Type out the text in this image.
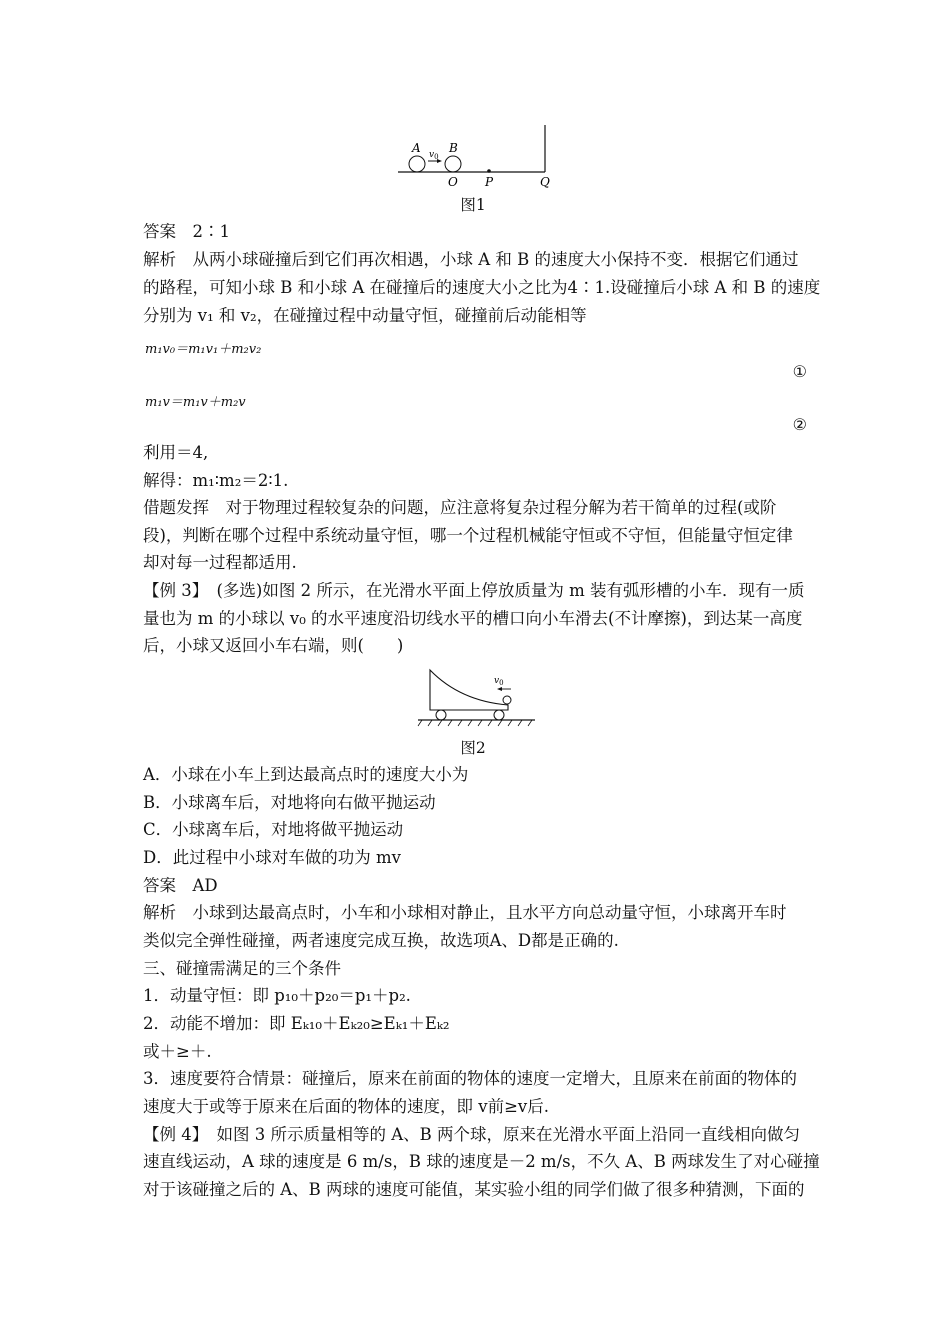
A $v_0$
B
O P	Q
图1
答案　2∶1
解析　从两小球碰撞后到它们再次相遇，小球 A 和 B 的速度大小保持不变．根据它们通过
的路程，可知小球 B 和小球 A 在碰撞后的速度大小之比为4∶1.设碰撞后小球 A 和 B 的速度
分别为 v₁ 和 v₂，在碰撞过程中动量守恒，碰撞前后动能相等
m₁v₀＝m₁v₁＋m₂v₂
①
m₁v＝m₁v＋m₂v
②
利用＝4,
解得：m₁∶m₂＝2∶1.
借题发挥　对于物理过程较复杂的问题，应注意将复杂过程分解为若干简单的过程(或阶
段)，判断在哪个过程中系统动量守恒，哪一个过程机械能守恒或不守恒，但能量守恒定律
却对每一过程都适用.
【例 3】　(多选)如图 2 所示，在光滑水平面上停放质量为 m 装有弧形槽的小车．现有一质
量也为 m 的小球以 v₀ 的水平速度沿切线水平的槽口向小车滑去(不计摩擦)，到达某一高度
后，小球又返回小车右端，则(　　)
$v_0$
图2
A．小球在小车上到达最高点时的速度大小为
B．小球离车后，对地将向右做平抛运动
C．小球离车后，对地将做平抛运动
D．此过程中小球对车做的功为 mv
答案　AD
解析　小球到达最高点时，小车和小球相对静止，且水平方向总动量守恒，小球离开车时
类似完全弹性碰撞，两者速度完成互换，故选项A、D都是正确的.
三、碰撞需满足的三个条件
1．动量守恒：即 p₁₀＋p₂₀＝p₁＋p₂.
2．动能不增加：即 Eₖ₁₀＋Eₖ₂₀≥Eₖ₁＋Eₖ₂
或＋≥＋.
3．速度要符合情景：碰撞后，原来在前面的物体的速度一定增大，且原来在前面的物体的
速度大于或等于原来在后面的物体的速度，即 v前≥v后.
【例 4】　如图 3 所示质量相等的 A、B 两个球，原来在光滑水平面上沿同一直线相向做匀
速直线运动，A 球的速度是 6 m/s，B 球的速度是－2 m/s，不久 A、B 两球发生了对心碰撞
对于该碰撞之后的 A、B 两球的速度可能值，某实验小组的同学们做了很多种猜测，下面的
